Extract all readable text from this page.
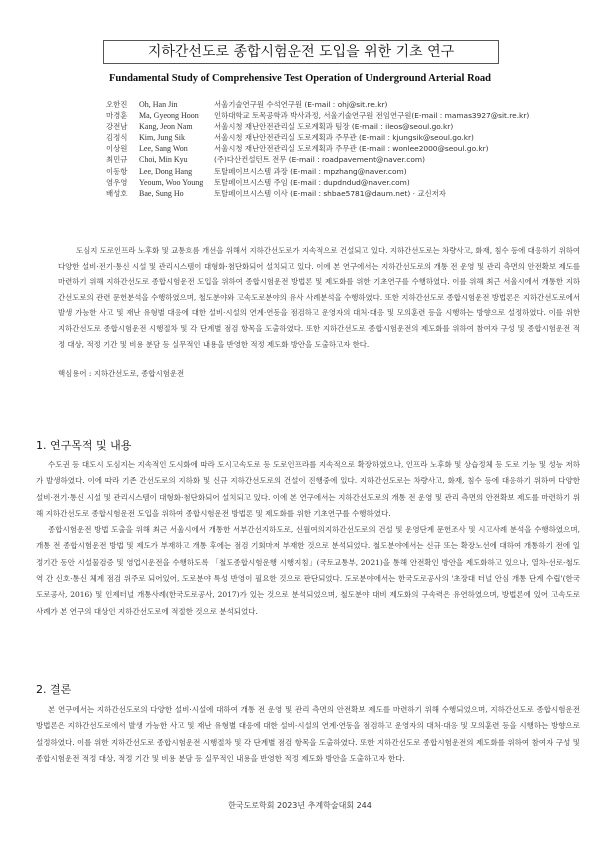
지하간선도로 종합시험운전 도입을 위한 기초 연구
Fundamental Study of Comprehensive Test Operation of Underground Arterial Road
오한진	Oh, Han Jin	서울기술연구원 수석연구원 (E-mail : ohj@sit.re.kr)
마경훈	Ma, Gyeong Hoon	인하대학교 토목공학과 박사과정, 서울기술연구원 전임연구원(E-mail : mamas3927@sit.re.kr)
강전남	Kang, Jeon Nam	서울시청 재난안전관리실 도로계획과 팀장 (E-mail : ileos@seoul.go.kr)
김정식	Kim, Jung Sik	서울시청 재난안전관리실 도로계획과 주무관 (E-mail : kjungsik@seoul.go.kr)
이상원	Lee, Sang Won	서울시청 재난안전관리실 도로계획과 주무관 (E-mail : wonlee2000@seoul.go.kr)
최민규	Choi, Min Kyu	(주)다산컨설턴트 전무 (E-mail : roadpavement@naver.com)
이동항	Lee, Dong Hang	토탈페이브시스템 과장 (E-mail : mpzhang@naver.com)
염우영	Yeoum, Woo Young	토탈페이브시스템 주임 (E-mail : dupdndud@naver.com)
배성호	Bae, Sung Ho	토탈페이브시스템 이사 (E-mail : shbae5781@daum.net) · 교신저자
도심지 도로인프라 노후화 및 교통흐름 개선을 위해서 지하간선도로가 지속적으로 건설되고 있다. 지하간선도로는 차량사고, 화재, 침수 등에 대응하기 위하여 다양한 설비·전기·통신 시설 및 관리시스템이 대형화·첨단화되어 설치되고 있다. 이에 본 연구에서는 지하간선도로의 개통 전 운영 및 관리 측면의 안전확보 제도를 마련하기 위해 지하간선도로 종합시험운전 도입을 위하여 종합시험운전 방법론 및 제도화를 위한 기초연구를 수행하였다. 이를 위해 최근 서울시에서 개통한 지하간선도로의 관련 문헌분석을 수행하였으며, 철도분야와 고속도로분야의 유사 사례분석을 수행하였다. 또한 지하간선도로 종합시험운전 방법론은 지하간선도로에서 발생 가능한 사고 및 재난 유형별 대응에 대한 설비·시설의 연계·연동을 점검하고 운영자의 대처·대응 및 모의훈련 등을 시행하는 방향으로 설정하였다. 이를 위한 지하간선도로 종합시험운전 시행절차 및 각 단계별 점검 항목을 도출하였다. 또한 지하간선도로 종합시험운전의 제도화를 위하여 참여자 구성 및 종합시험운전 적정 대상, 적정 기간 및 비용 분담 등 실무적인 내용을 반영한 적정 제도화 방안을 도출하고자 한다.
핵심용어 : 지하간선도로, 종합시험운전
1. 연구목적 및 내용

수도권 등 대도시 도심지는 지속적인 도시화에 따라 도시고속도로 등 도로인프라를 지속적으로 확장하였으나, 인프라 노후화 및 상습정체 등 도로 기능 및 성능 저하가 발생하였다. 이에 따라 기존 간선도로의 지하화 및 신규 지하간선도로의 건설이 진행중에 있다. 지하간선도로는 차량사고, 화재, 침수 등에 대응하기 위하여 다양한 설비·전기·통신 시설 및 관리시스템이 대형화·첨단화되어 설치되고 있다. 이에 본 연구에서는 지하간선도로의 개통 전 운영 및 관리 측면의 안전확보 제도를 마련하기 위해 지하간선도로 종합시험운전 도입을 위하여 종합시험운전 방법론 및 제도화를 위한 기초연구를 수행하였다.

종합시험운전 방법 도출을 위해 최근 서울시에서 개통한 서부간선지하도로, 신월여의지하간선도로의 건설 및 운영단계 문헌조사 및 시고사례 분석을 수행하였으며, 개통 전 종합시험운전 방법 및 제도가 부재하고 개통 후에는 점검 기회마저 부재한 것으로 분석되었다. 철도분야에서는 신규 또는 확장노선에 대하여 개통하기 전에 일정기간 동안 시설물검증 및 영업시운전을 수행하도록 「철도종합시험운행 시행지침」(국토교통부, 2021)을 통해 안전확인 방안을 제도화하고 있으나, 열차-선로-철도역 간 신호·통신 체계 점검 위주로 되어있어, 도로분야 특성 반영이 필요한 것으로 판단되었다. 도로분야에서는 한국도로공사의 '초장대 터널 안심 개통 단계 수립'(한국도로공사, 2016) 및 인제터널 개통사례(한국도로공사, 2017)가 있는 것으로 분석되었으며, 철도분야 대비 제도화의 구속력은 유연하였으며, 방법론에 있어 고속도로 사례가 본 연구의 대상인 지하간선도로에 적절한 것으로 분석되었다.

2. 결론

본 연구에서는 지하간선도로의 다양한 설비·시설에 대하여 개통 전 운영 및 관리 측면의 안전확보 제도를 마련하기 위해 수행되었으며, 지하간선도로 종합시험운전 방법론은 지하간선도로에서 발생 가능한 사고 및 재난 유형별 대응에 대한 설비·시설의 연계·연동을 점검하고 운영자의 대처·대응 및 모의훈련 등을 시행하는 방향으로 설정하였다. 이를 위한 지하간선도로 종합시험운전 시행절차 및 각 단계별 점검 항목을 도출하였다. 또한 지하간선도로 종합시험운전의 제도화를 위하여 참여자 구성 및 종합시험운전 적정 대상, 적정 기간 및 비용 분담 등 실무적인 내용을 반영한 적정 제도화 방안을 도출하고자 한다.

한국도로학회 2023년 추계학술대회 244
